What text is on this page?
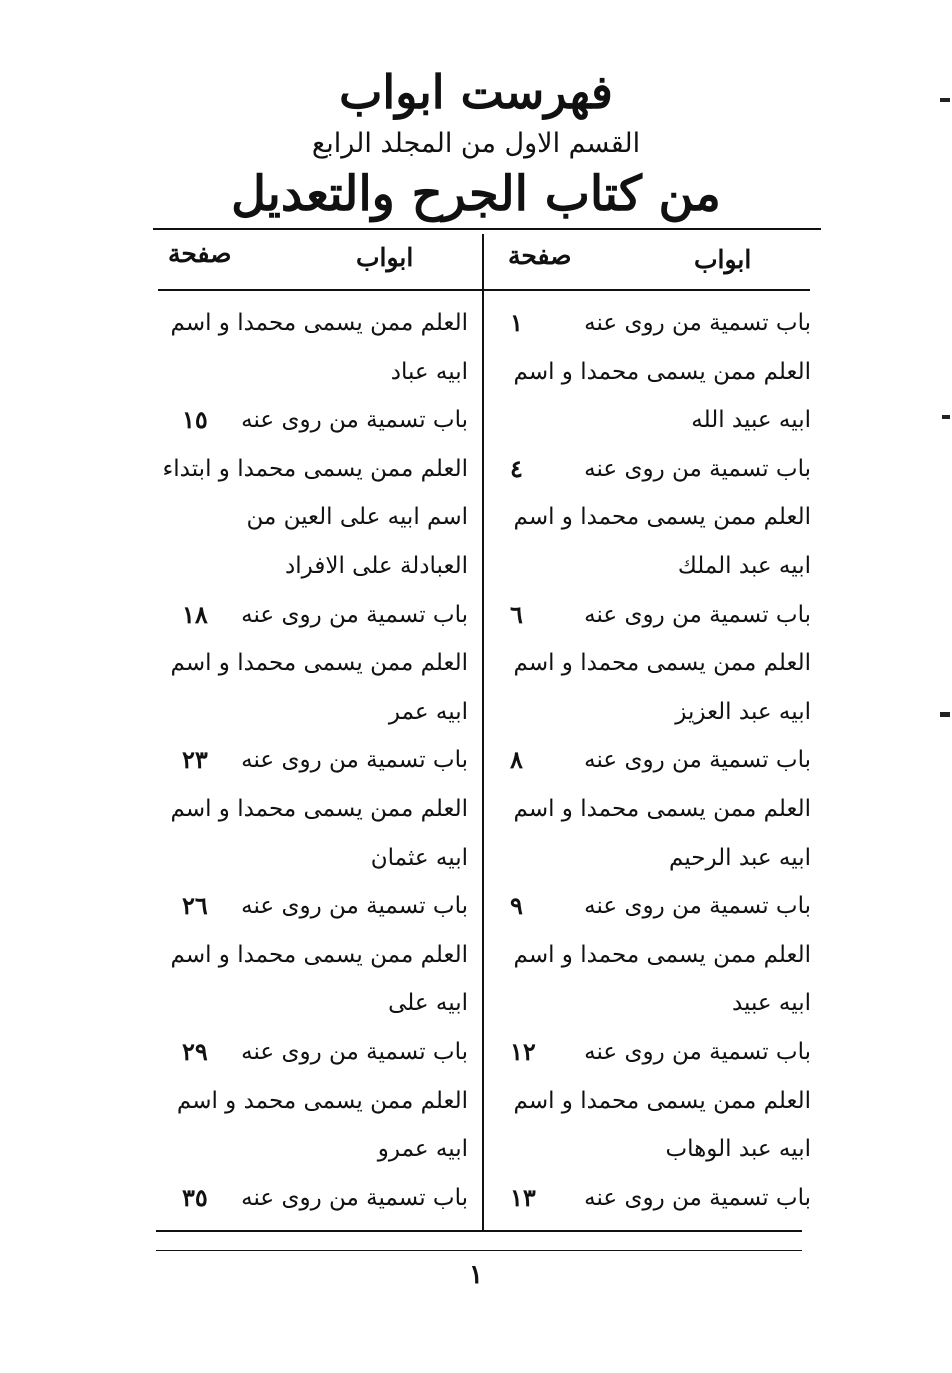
فهرست ابواب
القسم الاول من المجلد الرابع
من كتاب الجرح والتعديل
ابواب
صفحة
ابواب
صفحة
باب تسمية من روى عنه
١
العلم ممن يسمى محمدا و اسم
ابيه عبيد الله
باب تسمية من روى عنه
٤
العلم ممن يسمى محمدا و اسم
ابيه عبد الملك
باب تسمية من روى عنه
٦
العلم ممن يسمى محمدا و اسم
ابيه عبد العزيز
باب تسمية من روى عنه
٨
العلم ممن يسمى محمدا و اسم
ابيه عبد الرحيم
باب تسمية من روى عنه
٩
العلم ممن يسمى محمدا و اسم
ابيه عبيد
باب تسمية من روى عنه
١٢
العلم ممن يسمى محمدا و اسم
ابيه عبد الوهاب
باب تسمية من روى عنه
١٣
العلم ممن يسمى محمدا و اسم
ابيه عباد
باب تسمية من روى عنه
١٥
العلم ممن يسمى محمدا و ابتداء
اسم ابيه على العين من
العبادلة على الافراد
باب تسمية من روى عنه
١٨
العلم ممن يسمى محمدا و اسم
ابيه عمر
باب تسمية من روى عنه
٢٣
العلم ممن يسمى محمدا و اسم
ابيه عثمان
باب تسمية من روى عنه
٢٦
العلم ممن يسمى محمدا و اسم
ابيه على
باب تسمية من روى عنه
٢٩
العلم ممن يسمى محمد و اسم
ابيه عمرو
باب تسمية من روى عنه
٣٥
١
